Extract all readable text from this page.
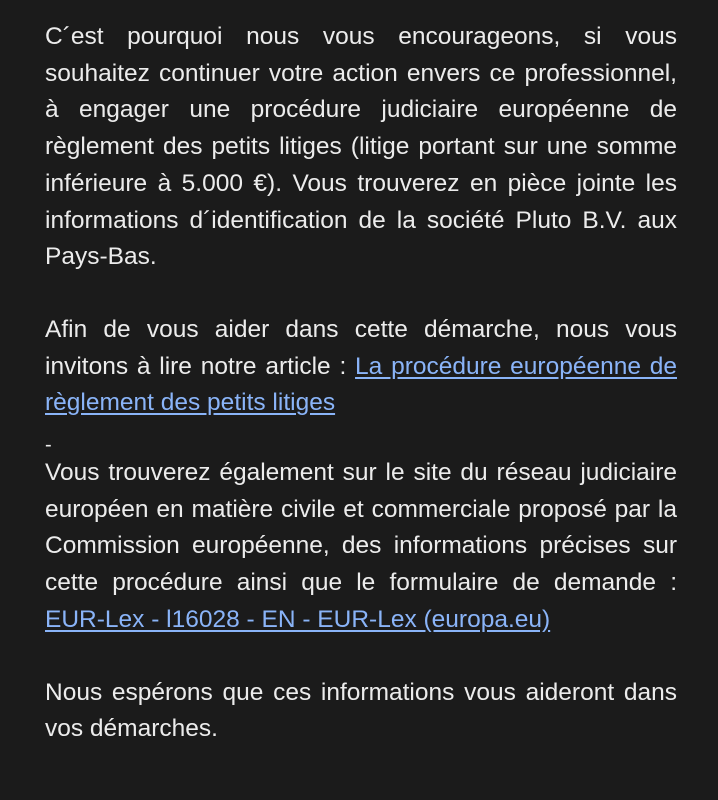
C´est pourquoi nous vous encourageons, si vous souhaitez continuer votre action envers ce professionnel, à engager une procédure judiciaire européenne de règlement des petits litiges (litige portant sur une somme inférieure à 5.000 €). Vous trouverez en pièce jointe les informations d´identification de la société Pluto B.V. aux Pays-Bas.

Afin de vous aider dans cette démarche, nous vous invitons à lire notre article : La procédure européenne de règlement des petits litiges

-

Vous trouverez également sur le site du réseau judiciaire européen en matière civile et commerciale proposé par la Commission européenne, des informations précises sur cette procédure ainsi que le formulaire de demande : EUR-Lex - l16028 - EN - EUR-Lex (europa.eu)

Nous espérons que ces informations vous aideront dans vos démarches.
